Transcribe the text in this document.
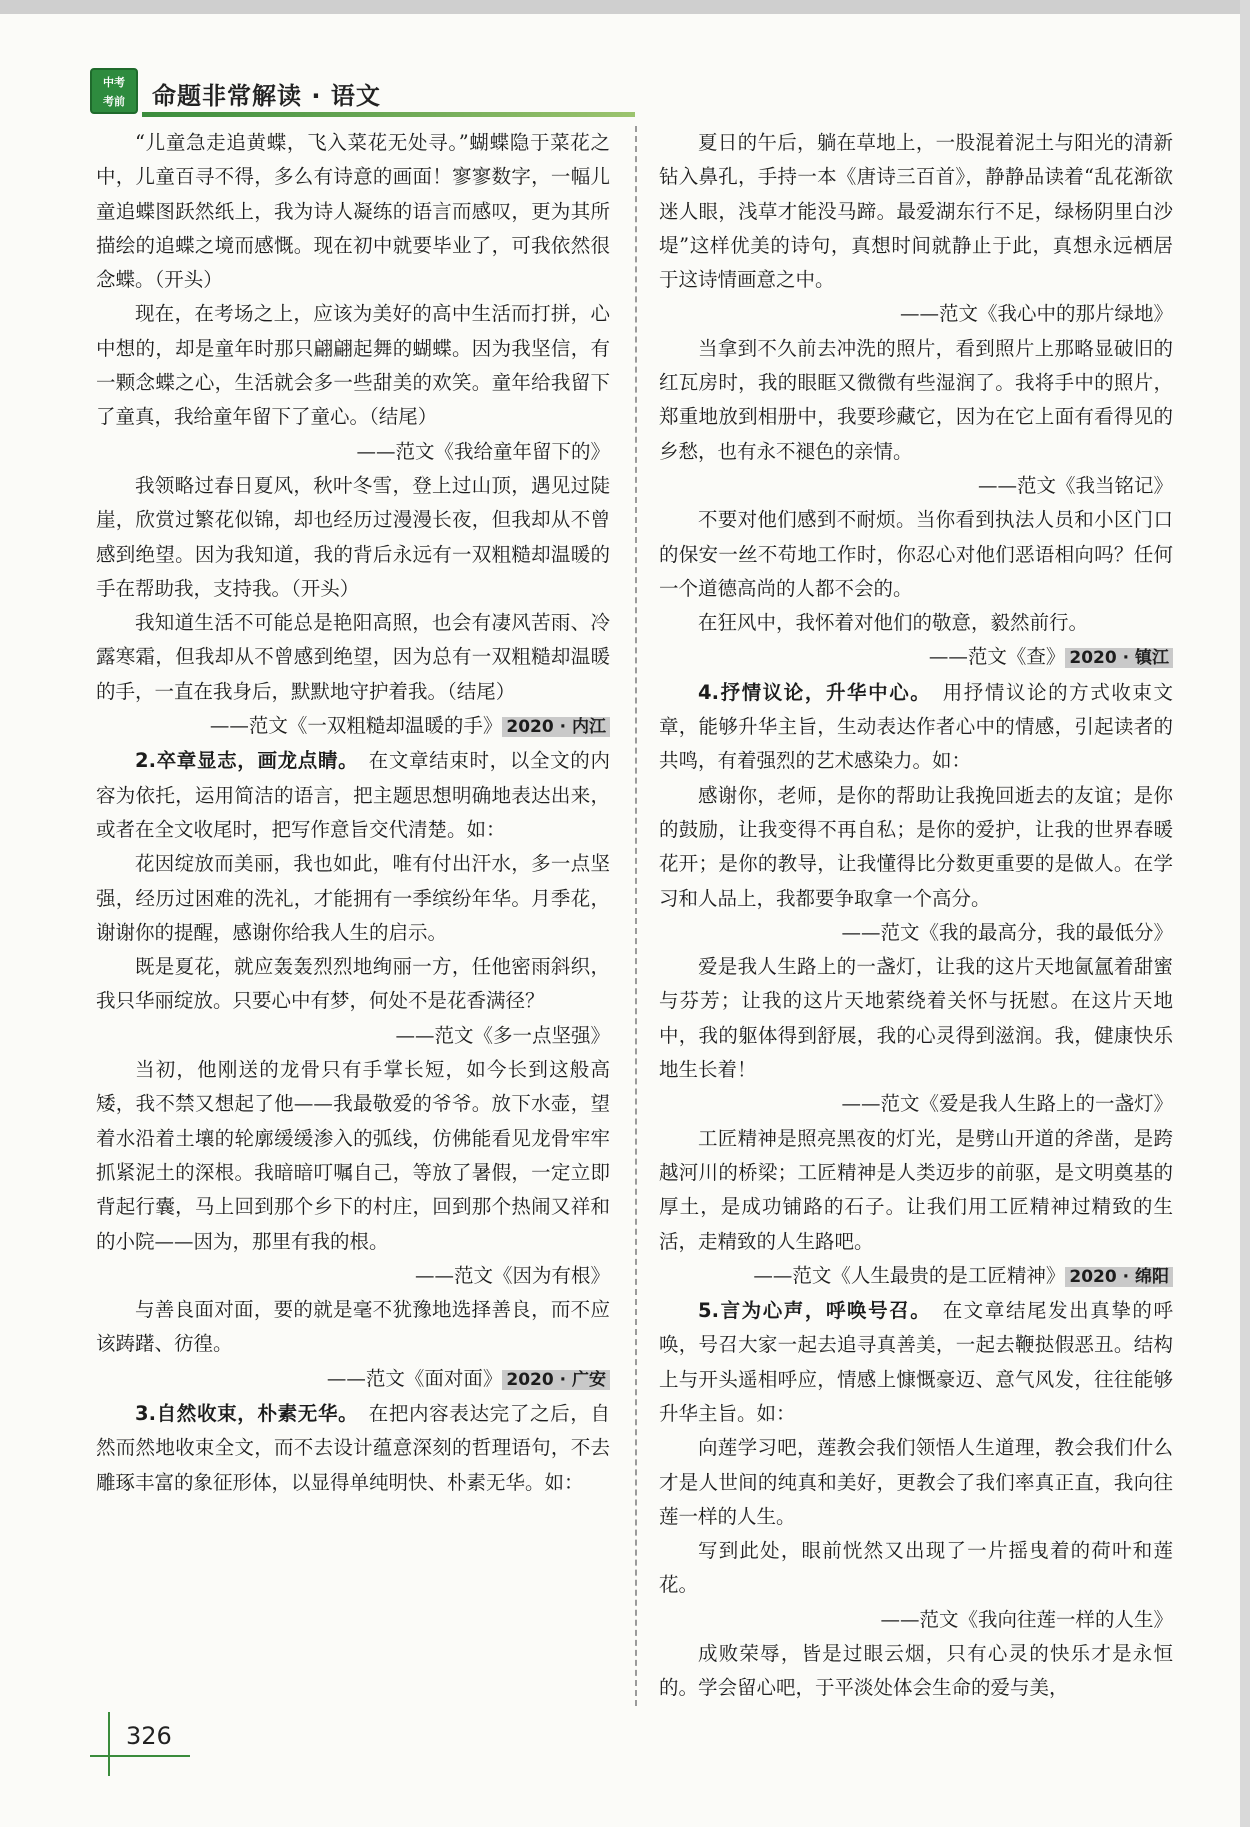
中考
考前	命题非常解读 · 语文

“儿童急走追黄蝶，飞入菜花无处寻。”蝴蝶隐于菜花之中，儿童百寻不得，多么有诗意的画面！寥寥数字，一幅儿童追蝶图跃然纸上，我为诗人凝练的语言而感叹，更为其所描绘的追蝶之境而感慨。现在初中就要毕业了，可我依然很念蝶。（开头）

现在，在考场之上，应该为美好的高中生活而打拼，心中想的，却是童年时那只翩翩起舞的蝴蝶。因为我坚信，有一颗念蝶之心，生活就会多一些甜美的欢笑。童年给我留下了童真，我给童年留下了童心。（结尾）

——范文《我给童年留下的》

我领略过春日夏风，秋叶冬雪，登上过山顶，遇见过陡崖，欣赏过繁花似锦，却也经历过漫漫长夜，但我却从不曾感到绝望。因为我知道，我的背后永远有一双粗糙却温暖的手在帮助我，支持我。（开头）

我知道生活不可能总是艳阳高照，也会有凄风苦雨、冷露寒霜，但我却从不曾感到绝望，因为总有一双粗糙却温暖的手，一直在我身后，默默地守护着我。（结尾）

——范文《一双粗糙却温暖的手》 2020 · 内江

2.卒章显志，画龙点睛。　 在文章结束时，以全文的内容为依托，运用简洁的语言，把主题思想明确地表达出来，或者在全文收尾时，把写作意旨交代清楚。如：

花因绽放而美丽，我也如此，唯有付出汗水，多一点坚强，经历过困难的洗礼，才能拥有一季缤纷年华。月季花，谢谢你的提醒，感谢你给我人生的启示。

既是夏花，就应轰轰烈烈地绚丽一方，任他密雨斜织，我只华丽绽放。只要心中有梦，何处不是花香满径？

——范文《多一点坚强》

当初，他刚送的龙骨只有手掌长短，如今长到这般高矮，我不禁又想起了他——我最敬爱的爷爷。放下水壶，望着水沿着土壤的轮廓缓缓渗入的弧线，仿佛能看见龙骨牢牢抓紧泥土的深根。我暗暗叮嘱自己，等放了暑假，一定立即背起行囊，马上回到那个乡下的村庄，回到那个热闹又祥和的小院——因为，那里有我的根。

——范文《因为有根》

与善良面对面，要的就是毫不犹豫地选择善良，而不应该踌躇、彷徨。

——范文《面对面》 2020 · 广安

3.自然收束，朴素无华。　 在把内容表达完了之后，自然而然地收束全文，而不去设计蕴意深刻的哲理语句，不去雕琢丰富的象征形体，以显得单纯明快、朴素无华。如：

夏日的午后，躺在草地上，一股混着泥土与阳光的清新钻入鼻孔，手持一本《唐诗三百首》，静静品读着“乱花渐欲迷人眼，浅草才能没马蹄。最爱湖东行不足，绿杨阴里白沙堤”这样优美的诗句，真想时间就静止于此，真想永远栖居于这诗情画意之中。

——范文《我心中的那片绿地》

当拿到不久前去冲洗的照片，看到照片上那略显破旧的红瓦房时，我的眼眶又微微有些湿润了。我将手中的照片，郑重地放到相册中，我要珍藏它，因为在它上面有看得见的乡愁，也有永不褪色的亲情。

——范文《我当铭记》

不要对他们感到不耐烦。当你看到执法人员和小区门口的保安一丝不苟地工作时，你忍心对他们恶语相向吗？任何一个道德高尚的人都不会的。

在狂风中，我怀着对他们的敬意，毅然前行。

——范文《查》 2020 · 镇江

4.抒情议论，升华中心。　 用抒情议论的方式收束文章，能够升华主旨，生动表达作者心中的情感，引起读者的共鸣，有着强烈的艺术感染力。如：

感谢你，老师，是你的帮助让我挽回逝去的友谊；是你的鼓励，让我变得不再自私；是你的爱护，让我的世界春暖花开；是你的教导，让我懂得比分数更重要的是做人。在学习和人品上，我都要争取拿一个高分。

——范文《我的最高分，我的最低分》

爱是我人生路上的一盏灯，让我的这片天地氤氲着甜蜜与芬芳；让我的这片天地萦绕着关怀与抚慰。在这片天地中，我的躯体得到舒展，我的心灵得到滋润。我，健康快乐地生长着！

——范文《爱是我人生路上的一盏灯》

工匠精神是照亮黑夜的灯光，是劈山开道的斧凿，是跨越河川的桥梁；工匠精神是人类迈步的前驱，是文明奠基的厚土，是成功铺路的石子。让我们用工匠精神过精致的生活，走精致的人生路吧。

——范文《人生最贵的是工匠精神》 2020 · 绵阳

5.言为心声，呼唤号召。　 在文章结尾发出真挚的呼唤，号召大家一起去追寻真善美，一起去鞭挞假恶丑。结构上与开头遥相呼应，情感上慷慨豪迈、意气风发，往往能够升华主旨。如：

向莲学习吧，莲教会我们领悟人生道理，教会我们什么才是人世间的纯真和美好，更教会了我们率真正直，我向往莲一样的人生。

写到此处，眼前恍然又出现了一片摇曳着的荷叶和莲花。

——范文《我向往莲一样的人生》

成败荣辱，皆是过眼云烟，只有心灵的快乐才是永恒的。学会留心吧，于平淡处体会生命的爱与美，

326
